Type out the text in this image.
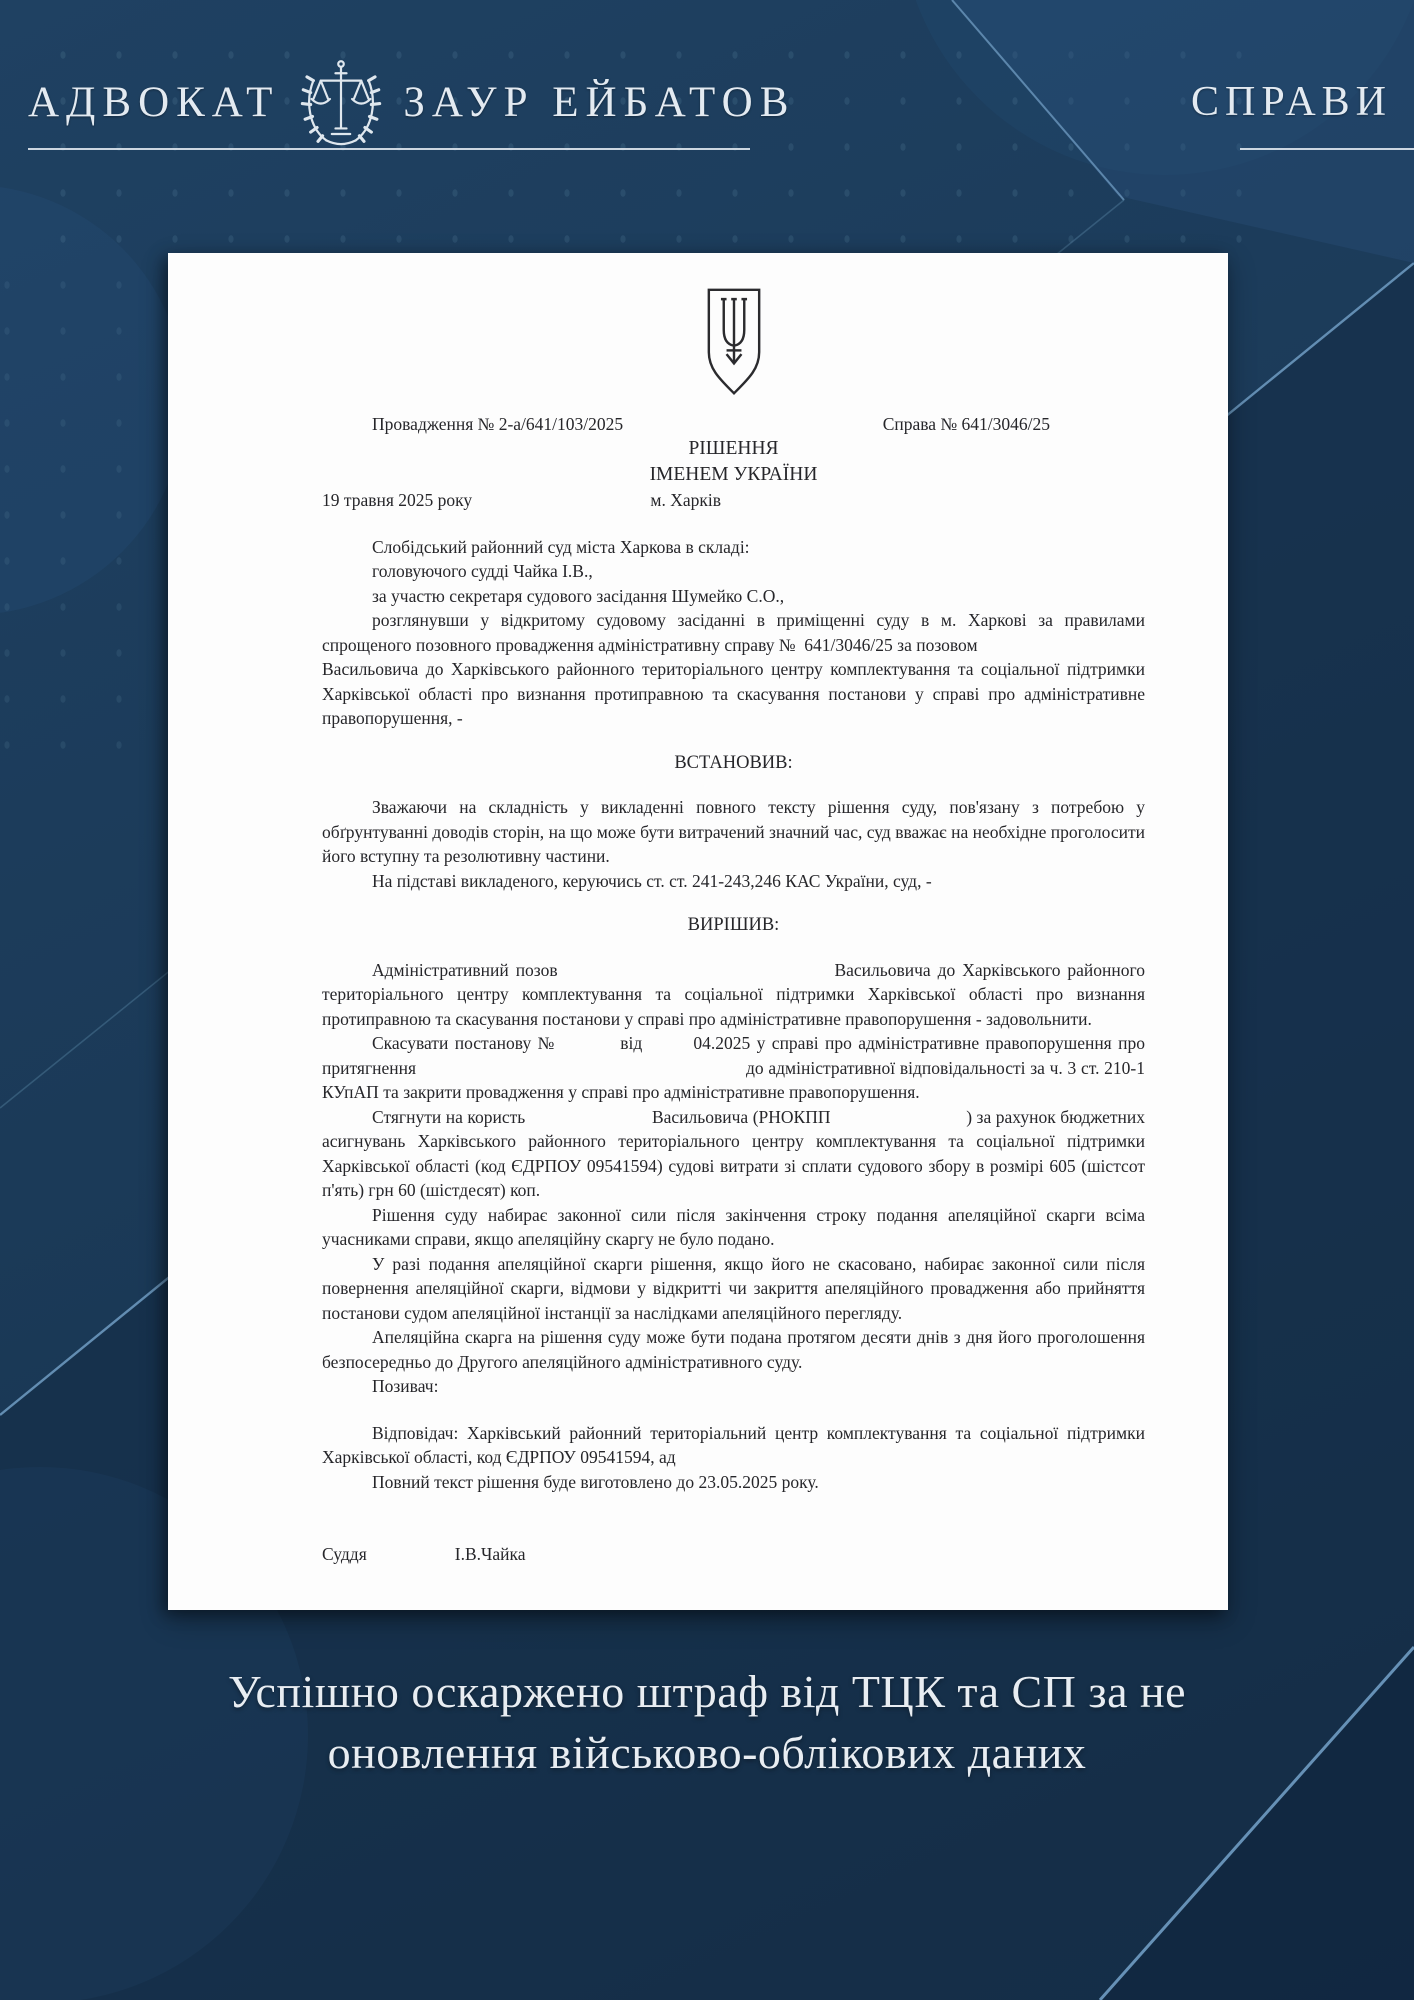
АДВОКАТ	ЗАУР ЕЙБАТОВ	СПРАВИ
Провадження № 2-а/641/103/2025	Справа № 641/3046/25
РІШЕННЯ
ІМЕНЕМ УКРАЇНИ
19 травня 2025 року	м. Харків

Слобідський районний суд міста Харкова в складі:

головуючого судді Чайка І.В.,

за участю секретаря судового засідання Шумейко С.О.,

розглянувши у відкритому судовому засіданні в приміщенні суду в м. Харкові за правилами спрощеного позовного провадження адміністративну справу №  641/3046/25 за позовом

Васильовича до Харківського районного територіального центру комплектування та соціальної підтримки Харківської області про визнання протиправною та скасування постанови у справі про адміністративне правопорушення, -

ВСТАНОВИВ:

Зважаючи на складність у викладенні повного тексту рішення суду, пов'язану з потребою у обґрунтуванні доводів сторін, на що може бути витрачений значний час, суд вважає на необхідне проголосити його вступну та резолютивну частини.

На підставі викладеного, керуючись ст. ст. 241-243,246 КАС України, суд, -

ВИРІШИВ:

Адміністративний позов                                        Васильовича до Харківського районного територіального центру комплектування та соціальної підтримки Харківської області про визнання протиправною та скасування постанови у справі про адміністративне правопорушення - задовольнити.

Скасувати постанову №          від        04.2025 у справі про адміністративне правопорушення про притягнення                                                                      до адміністративної відповідальності за ч. 3 ст. 210-1 КУпАП та закрити провадження у справі про адміністративне правопорушення.

Стягнути на користь                            Васильовича (РНОКПП                              ) за рахунок бюджетних асигнувань Харківського районного територіального центру комплектування та соціальної підтримки Харківської області (код ЄДРПОУ 09541594) судові витрати зі сплати судового збору в розмірі 605 (шістсот п'ять) грн 60 (шістдесят) коп.

Рішення суду набирає законної сили після закінчення строку подання апеляційної скарги всіма учасниками справи, якщо апеляційну скаргу не було подано.

У разі подання апеляційної скарги рішення, якщо його не скасовано, набирає законної сили після повернення апеляційної скарги, відмови у відкритті чи закриття апеляційного провадження або прийняття постанови судом апеляційної інстанції за наслідками апеляційного перегляду.

Апеляційна скарга на рішення суду може бути подана протягом десяти днів з дня його проголошення безпосередньо до Другого апеляційного адміністративного суду.

Позивач:

Відповідач: Харківський районний територіальний центр комплектування та соціальної підтримки Харківської області, код ЄДРПОУ 09541594, ад

Повний текст рішення буде виготовлено до 23.05.2025 року.

Суддя	І.В.Чайка
Успішно оскаржено штраф від ТЦК та СП за не
оновлення військово-облікових даних
